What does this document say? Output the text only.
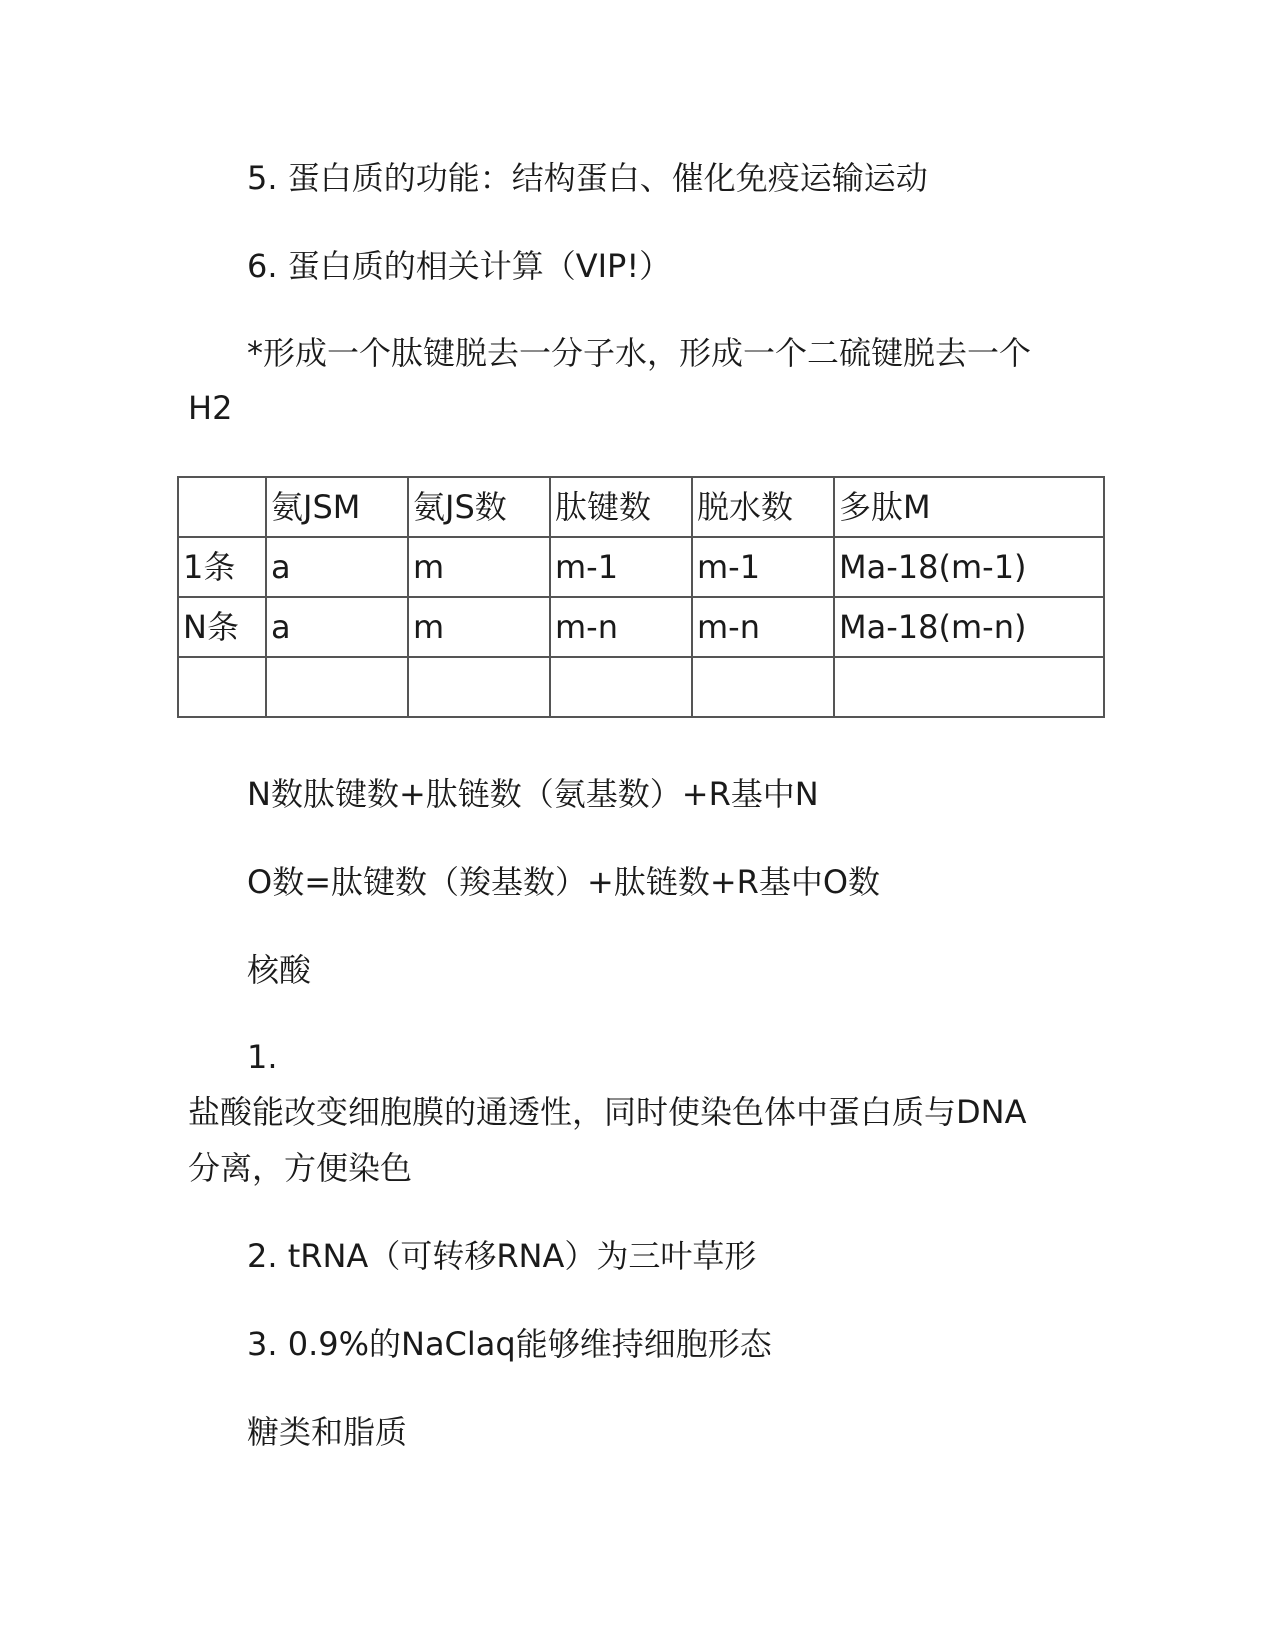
5. 蛋白质的功能：结构蛋白、催化免疫运输运动
6. 蛋白质的相关计算（VIP!）
*形成一个肽键脱去一分子水，形成一个二硫键脱去一个
H2
	氨JSM	氨JS数	肽键数	脱水数	多肽M
1条	a	m	m-1	m-1	Ma-18(m-1)
N条	a	m	m-n	m-n	Ma-18(m-n)

N数肽键数+肽链数（氨基数）+R基中N
O数=肽键数（羧基数）+肽链数+R基中O数
核酸
1.
盐酸能改变细胞膜的通透性，同时使染色体中蛋白质与DNA
分离，方便染色
2. tRNA（可转移RNA）为三叶草形
3. 0.9%的NaClaq能够维持细胞形态
糖类和脂质
